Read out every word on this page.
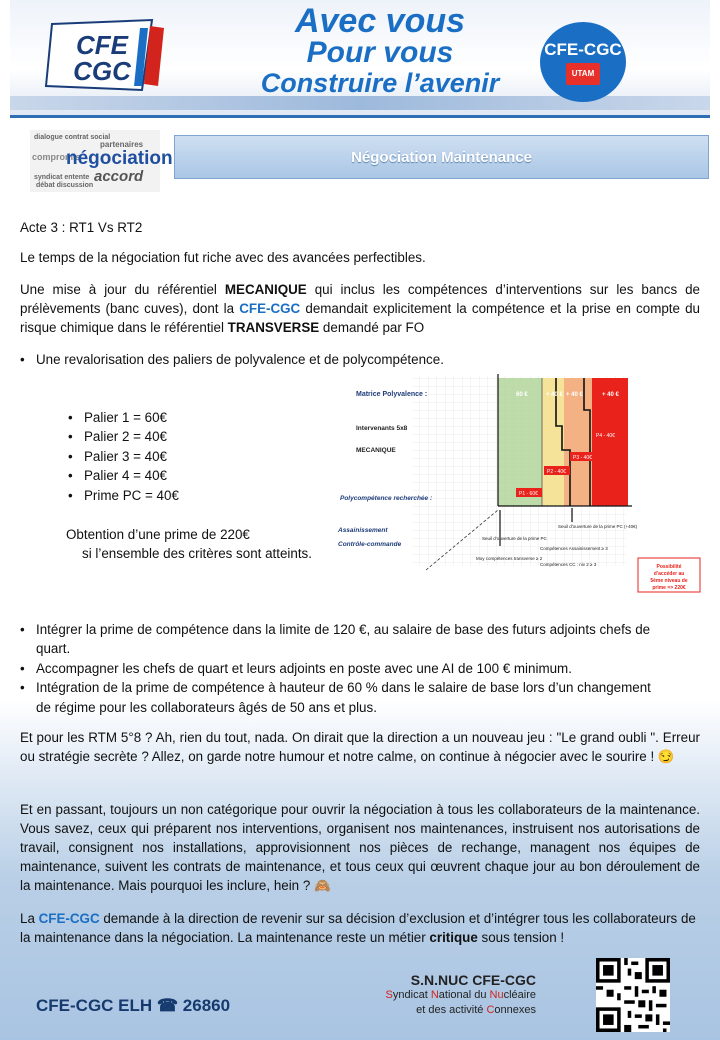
CFE
CGC
Avec vous
Pour vous
Construire l’avenir
CFE-CGC
UTAM
dialogue contrat social
partenaires
compromis
négociation
accord
syndicat entente
débat discussion
Négociation Maintenance
Acte 3 : RT1 Vs RT2
Le temps de la négociation fut riche avec des avancées perfectibles.
Une mise à jour du référentiel MECANIQUE qui inclus les compétences d’interventions sur les bancs de prélèvements (banc cuves), dont la CFE-CGC demandait explicitement la compétence et la prise en compte du risque chimique dans le référentiel TRANSVERSE demandé par FO
• Une revalorisation des paliers de polyvalence et de polycompétence.
• Palier 1 = 60€
• Palier 2 = 40€
• Palier 3 = 40€
• Palier 4 = 40€
• Prime PC = 40€
Obtention d’une prime de 220€
si l’ensemble des critères sont atteints.
60 €	+ 40 € + 40 €	+ 40 €
P1 - 60€
P2 - 40€
P3 - 40€
P4 - 40€
Matrice Polyvalence :
Intervenants 5x8
MECANIQUE
Polycompétence recherchée :
Assainissement
Contrôle-commande
Seuil d’ouverture de la prime PC
Seuil d’ouverture de la prime PC (+40€)
Compétences Assainissement ≥ 3
Compétences CC : niv 2 ≥ 3
Moy compétences transverse ≥ 2
Possibilité
d’accéder au
5ème niveau de
prime => 220€
• Intégrer la prime de compétence dans la limite de 120 €, au salaire de base des futurs adjoints chefs de quart.
• Accompagner les chefs de quart et leurs adjoints en poste avec une AI de 100 € minimum.
• Intégration de la prime de compétence à hauteur de 60 % dans le salaire de base lors d’un changement de régime pour les collaborateurs âgés de 50 ans et plus.
Et pour les RTM 5°8 ? Ah, rien du tout, nada. On dirait que la direction a un nouveau jeu : "Le grand oubli ". Erreur ou stratégie secrète ? Allez, on garde notre humour et notre calme, on continue à négocier avec le sourire ! 😏
Et en passant, toujours un non catégorique pour ouvrir la négociation à tous les collaborateurs de la maintenance. Vous savez, ceux qui préparent nos interventions, organisent nos maintenances, instruisent nos autorisations de travail, consignent nos installations, approvisionnent nos pièces de rechange, managent nos équipes de maintenance, suivent les contrats de maintenance, et tous ceux qui œuvrent chaque jour au bon déroulement de la maintenance. Mais pourquoi les inclure, hein ? 🙈
La CFE-CGC demande à la direction de revenir sur sa décision d’exclusion et d’intégrer tous les collaborateurs de la maintenance dans la négociation. La maintenance reste un métier critique sous tension !
CFE-CGC ELH ☎ 26860
S.N.NUC CFE-CGC
Syndicat National du Nucléaire
et des activité Connexes
